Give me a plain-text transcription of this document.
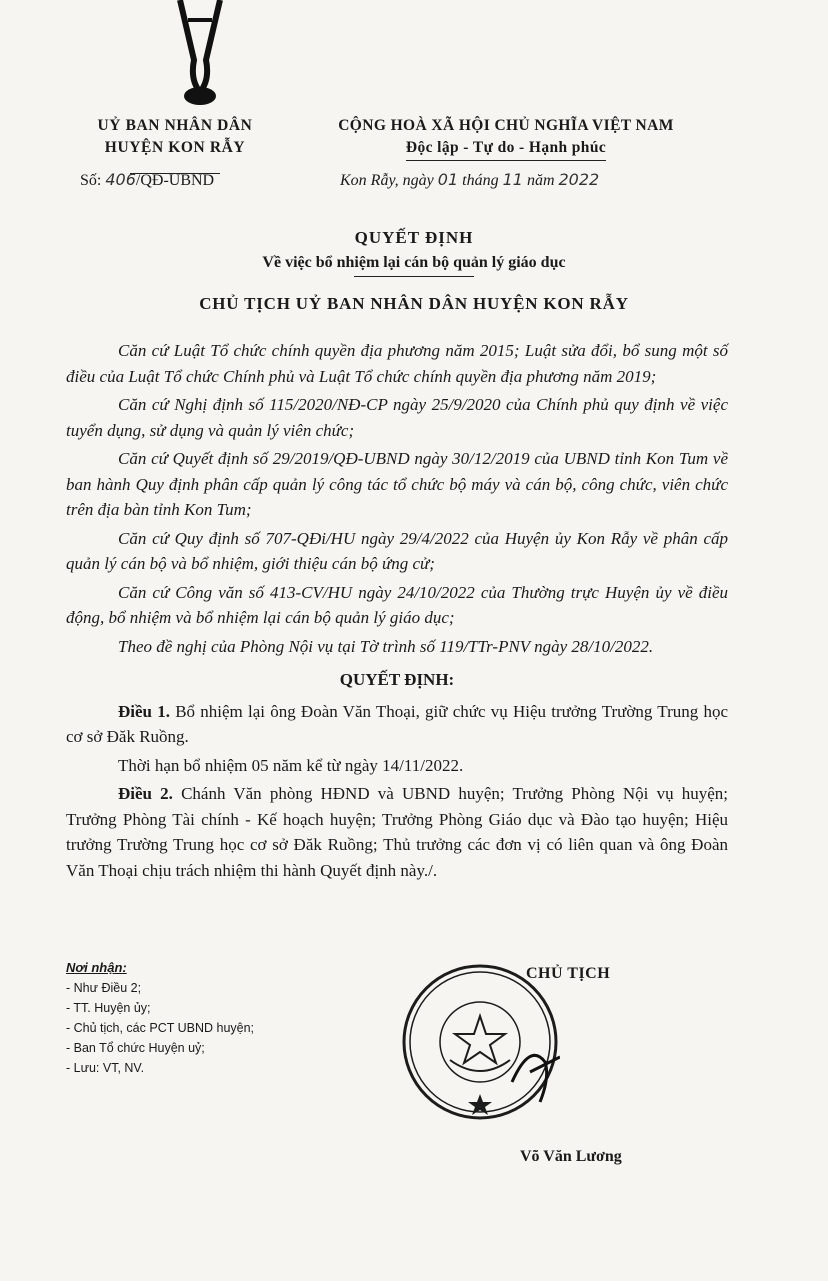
UỶ BAN NHÂN DÂN
HUYỆN KON RẪY
CỘNG HOÀ XÃ HỘI CHỦ NGHĨA VIỆT NAM
Độc lập - Tự do - Hạnh phúc
Số: 406/QĐ-UBND	Kon Rẫy, ngày 01 tháng 11 năm 2022
QUYẾT ĐỊNH
Về việc bổ nhiệm lại cán bộ quản lý giáo dục
CHỦ TỊCH UỶ BAN NHÂN DÂN HUYỆN KON RẪY

Căn cứ Luật Tổ chức chính quyền địa phương năm 2015; Luật sửa đổi, bổ sung một số điều của Luật Tổ chức Chính phủ và Luật Tổ chức chính quyền địa phương năm 2019;

Căn cứ Nghị định số 115/2020/NĐ-CP ngày 25/9/2020 của Chính phủ quy định về việc tuyển dụng, sử dụng và quản lý viên chức;

Căn cứ Quyết định số 29/2019/QĐ-UBND ngày 30/12/2019 của UBND tỉnh Kon Tum về ban hành Quy định phân cấp quản lý công tác tổ chức bộ máy và cán bộ, công chức, viên chức trên địa bàn tỉnh Kon Tum;

Căn cứ Quy định số 707-QĐi/HU ngày 29/4/2022 của Huyện ủy Kon Rẫy về phân cấp quản lý cán bộ và bổ nhiệm, giới thiệu cán bộ ứng cử;

Căn cứ Công văn số 413-CV/HU ngày 24/10/2022 của Thường trực Huyện ủy về điều động, bổ nhiệm và bổ nhiệm lại cán bộ quản lý giáo dục;

Theo đề nghị của Phòng Nội vụ tại Tờ trình số 119/TTr-PNV ngày 28/10/2022.

QUYẾT ĐỊNH:

Điều 1. Bổ nhiệm lại ông Đoàn Văn Thoại, giữ chức vụ Hiệu trưởng Trường Trung học cơ sở Đăk Ruồng.

Thời hạn bổ nhiệm 05 năm kể từ ngày 14/11/2022.

Điều 2. Chánh Văn phòng HĐND và UBND huyện; Trưởng Phòng Nội vụ huyện; Trưởng Phòng Tài chính - Kế hoạch huyện; Trưởng Phòng Giáo dục và Đào tạo huyện; Hiệu trưởng Trường Trung học cơ sở Đăk Ruồng; Thủ trưởng các đơn vị có liên quan và ông Đoàn Văn Thoại chịu trách nhiệm thi hành Quyết định này./.

Nơi nhận:
- Như Điều 2;
- TT. Huyện ủy;
- Chủ tịch, các PCT UBND huyện;
- Ban Tổ chức Huyện uỷ;
- Lưu: VT, NV.
CHỦ TỊCH
Võ Văn Lương
